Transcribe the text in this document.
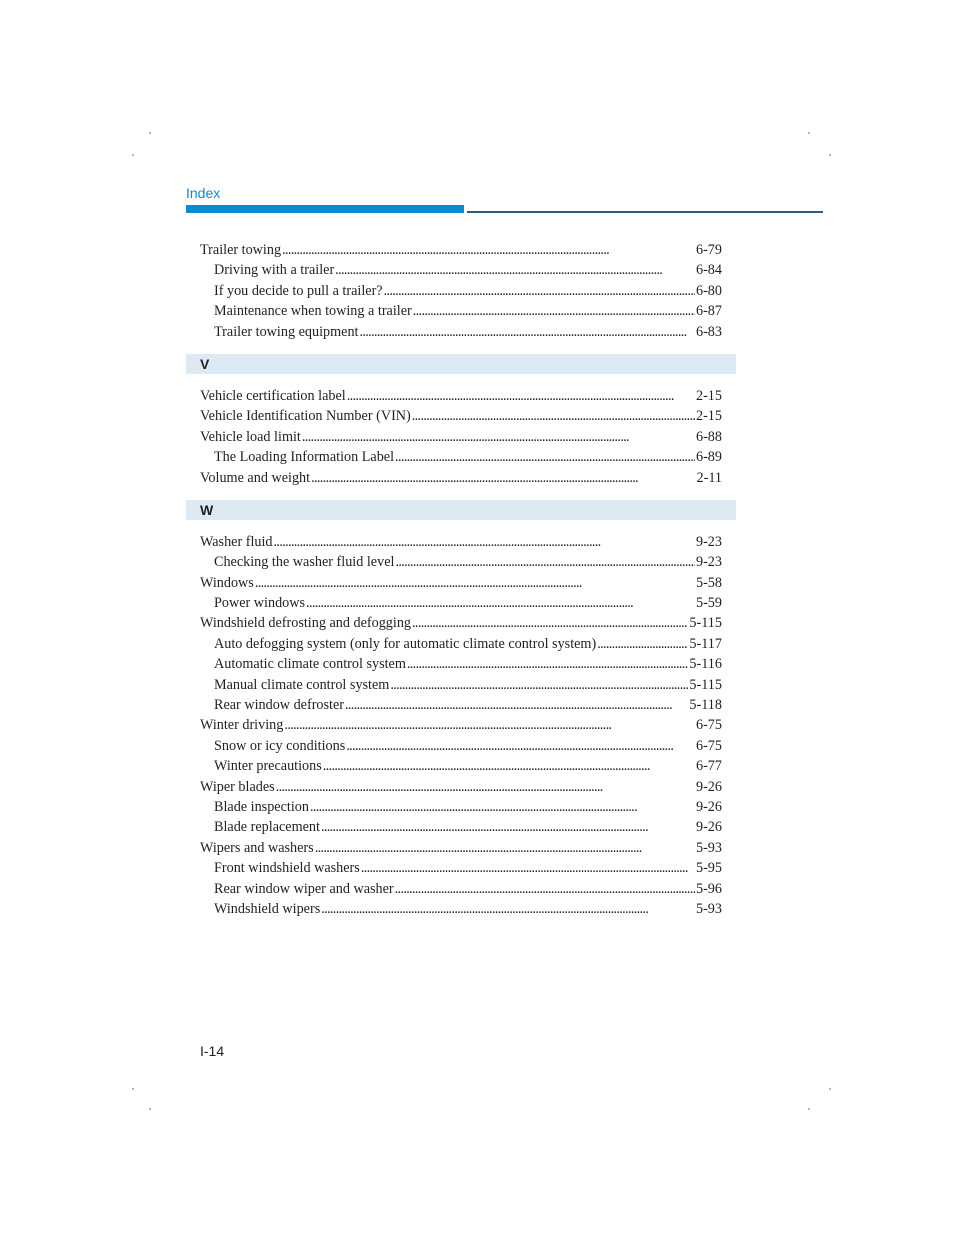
Index
Trailer towing . . .	6-79
Driving with a trailer . . .	6-84
If you decide to pull a trailer? . . .	6-80
Maintenance when towing a trailer . . .	6-87
Trailer towing equipment . . .	6-83
V
Vehicle certification label . . .	2-15
Vehicle Identification Number (VIN) . . .	2-15
Vehicle load limit . . .	6-88
The Loading Information Label . . .	6-89
Volume and weight . . .	2-11
W
Washer fluid . . .	9-23
Checking the washer fluid level . . .	9-23
Windows . . .	5-58
Power windows . . .	5-59
Windshield defrosting and defogging . . .	5-115
Auto defogging system (only for automatic climate control system) . . .	5-117
Automatic climate control system . . .	5-116
Manual climate control system . . .	5-115
Rear window defroster . . .	5-118
Winter driving . . .	6-75
Snow or icy conditions . . .	6-75
Winter precautions . . .	6-77
Wiper blades . . .	9-26
Blade inspection . . .	9-26
Blade replacement . . .	9-26
Wipers and washers . . .	5-93
Front windshield washers . . .	5-95
Rear window wiper and washer . . .	5-96
Windshield wipers . . .	5-93
I-14
